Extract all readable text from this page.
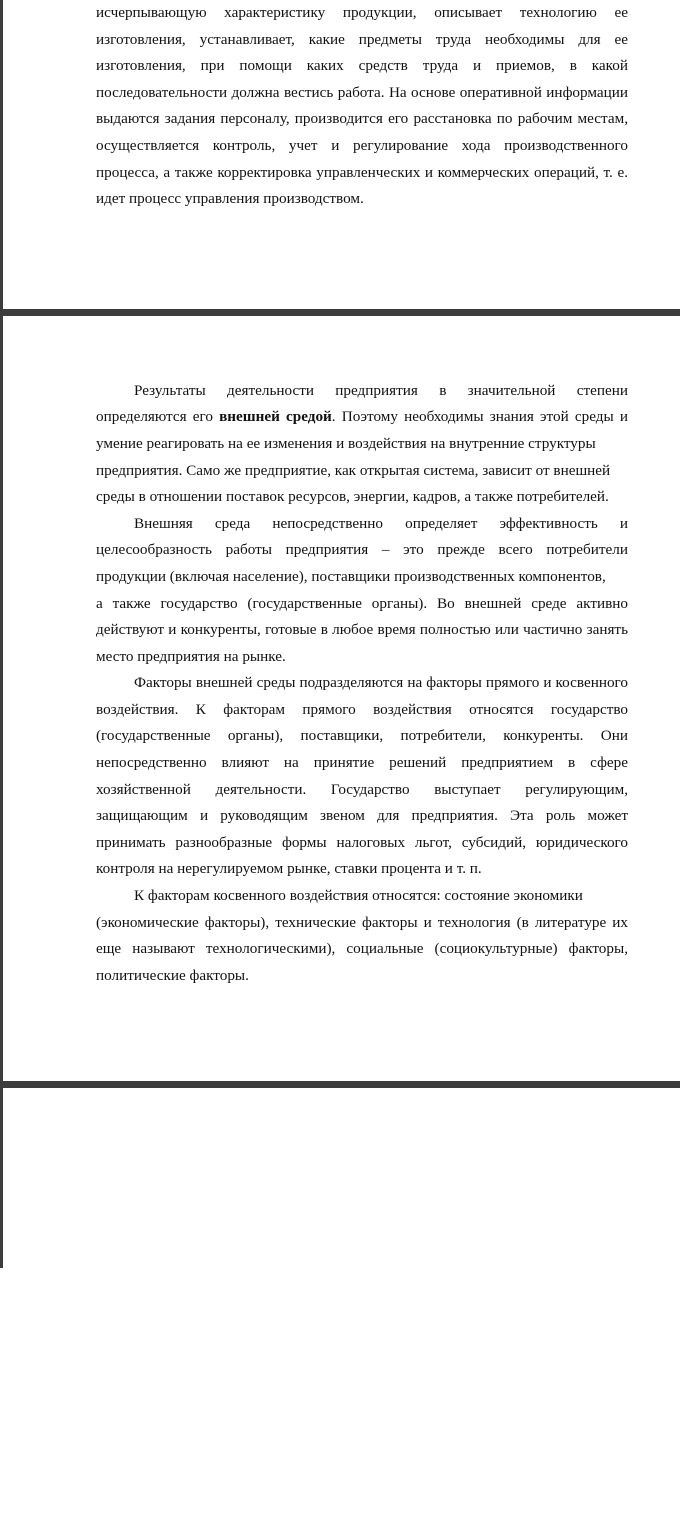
исчерпывающую характеристику продукции, описывает технологию ее изготовления, устанавливает, какие предметы труда необходимы для ее изготовления, при помощи каких средств труда и приемов, в какой последовательности должна вестись работа. На основе оперативной информации выдаются задания персоналу, производится его расстановка по рабочим местам, осуществляется контроль, учет и регулирование хода производственного процесса, а также корректировка управленческих и коммерческих операций, т. е. идет процесс управления производством.

Результаты деятельности предприятия в значительной степени определяются его внешней средой. Поэтому необходимы знания этой среды и умение реагировать на ее изменения и воздействия на внутренние структуры

предприятия. Само же предприятие, как открытая система, зависит от внешней

среды в отношении поставок ресурсов, энергии, кадров, а также потребителей.

Внешняя среда непосредственно определяет эффективность и целесообразность работы предприятия – это прежде всего потребители продукции (включая население), поставщики производственных компонентов,

а также государство (государственные органы). Во внешней среде активно действуют и конкуренты, готовые в любое время полностью или частично занять место предприятия на рынке.

Факторы внешней среды подразделяются на факторы прямого и косвенного воздействия. К факторам прямого воздействия относятся государство (государственные органы), поставщики, потребители, конкуренты. Они непосредственно влияют на принятие решений предприятием в сфере хозяйственной деятельности. Государство выступает регулирующим, защищающим и руководящим звеном для предприятия. Эта роль может принимать разнообразные формы налоговых льгот, субсидий, юридического контроля на нерегулируемом рынке, ставки процента и т. п.

К факторам косвенного воздействия относятся: состояние экономики

(экономические факторы), технические факторы и технология (в литературе их еще называют технологическими), социальные (социокультурные) факторы, политические факторы.
